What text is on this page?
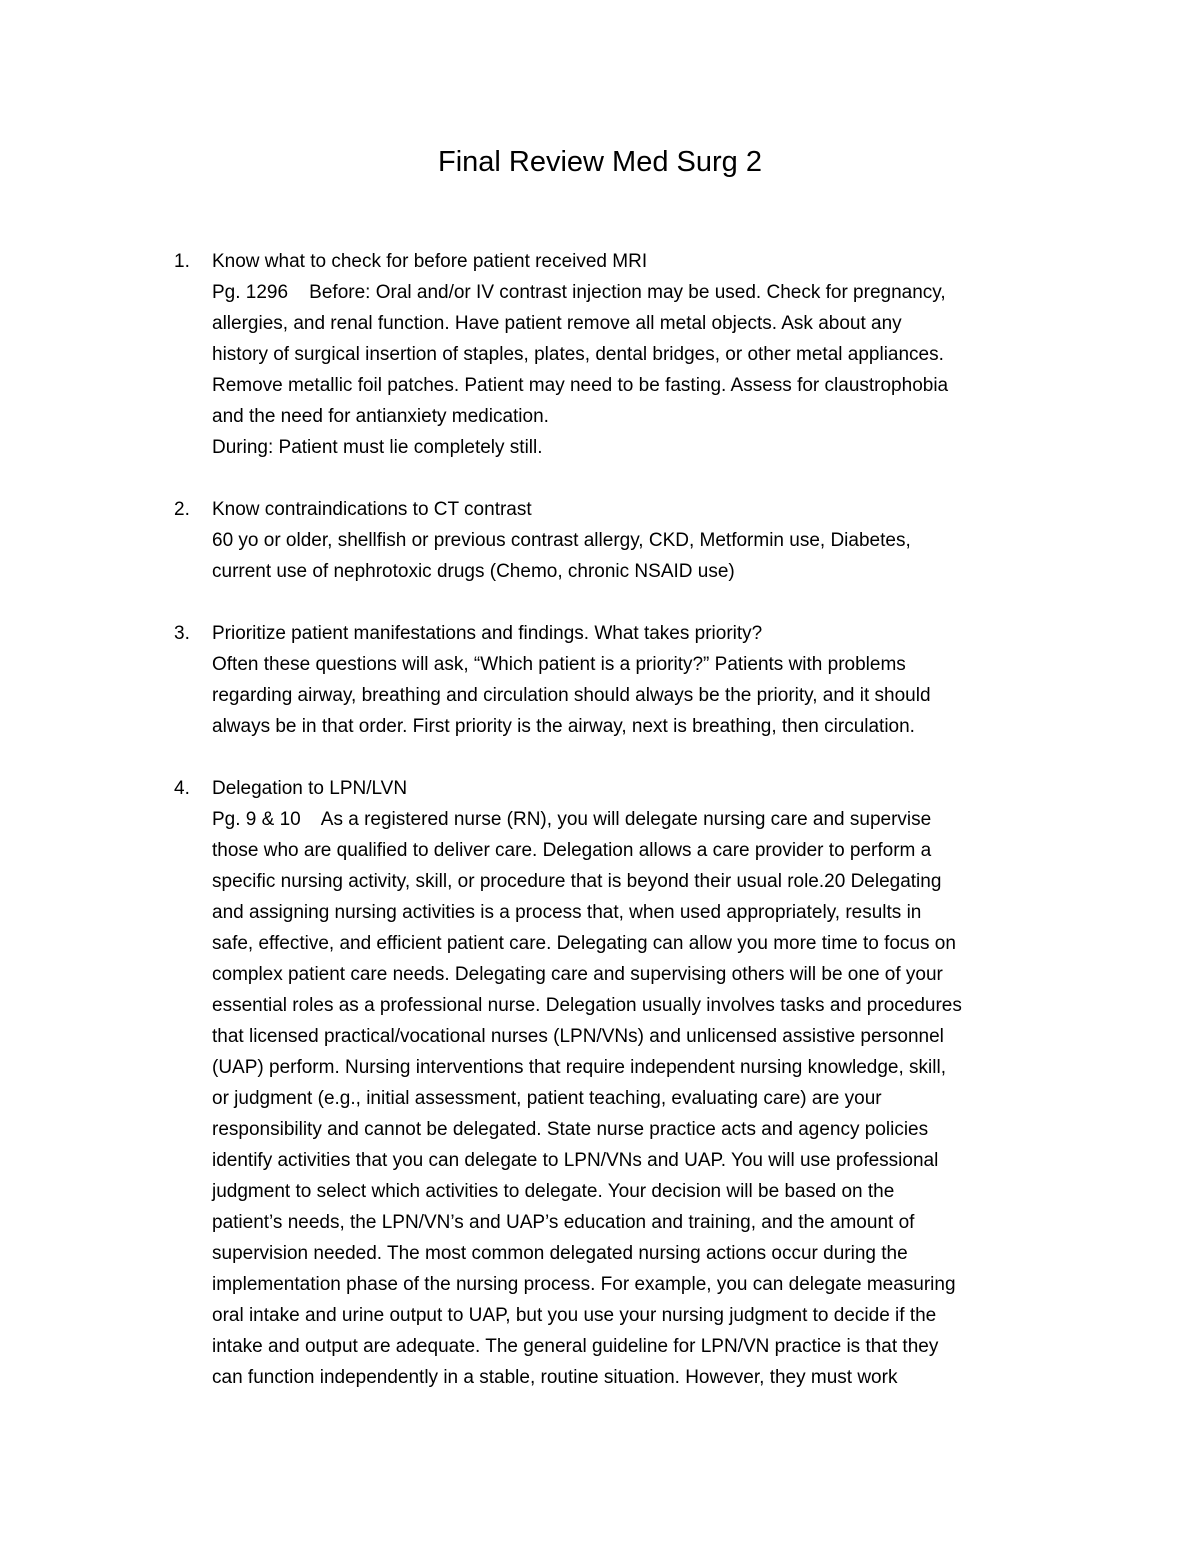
Final Review Med Surg 2
1.	Know what to check for before patient received MRI
Pg. 1296    Before: Oral and/or IV contrast injection may be used. Check for pregnancy,
allergies, and renal function. Have patient remove all metal objects. Ask about any
history of surgical insertion of staples, plates, dental bridges, or other metal appliances.
Remove metallic foil patches. Patient may need to be fasting. Assess for claustrophobia
and the need for antianxiety medication.
During: Patient must lie completely still.
2.	Know contraindications to CT contrast
60 yo or older, shellfish or previous contrast allergy, CKD, Metformin use, Diabetes,
current use of nephrotoxic drugs (Chemo, chronic NSAID use)
3.	Prioritize patient manifestations and findings. What takes priority?
Often these questions will ask, “Which patient is a priority?” Patients with problems
regarding airway, breathing and circulation should always be the priority, and it should
always be in that order. First priority is the airway, next is breathing, then circulation.
4.	Delegation to LPN/LVN
Pg. 9 & 10    As a registered nurse (RN), you will delegate nursing care and supervise
those who are qualified to deliver care. Delegation allows a care provider to perform a
specific nursing activity, skill, or procedure that is beyond their usual role.20 Delegating
and assigning nursing activities is a process that, when used appropriately, results in
safe, effective, and efficient patient care. Delegating can allow you more time to focus on
complex patient care needs. Delegating care and supervising others will be one of your
essential roles as a professional nurse. Delegation usually involves tasks and procedures
that licensed practical/vocational nurses (LPN/VNs) and unlicensed assistive personnel
(UAP) perform. Nursing interventions that require independent nursing knowledge, skill,
or judgment (e.g., initial assessment, patient teaching, evaluating care) are your
responsibility and cannot be delegated. State nurse practice acts and agency policies
identify activities that you can delegate to LPN/VNs and UAP. You will use professional
judgment to select which activities to delegate. Your decision will be based on the
patient’s needs, the LPN/VN’s and UAP’s education and training, and the amount of
supervision needed. The most common delegated nursing actions occur during the
implementation phase of the nursing process. For example, you can delegate measuring
oral intake and urine output to UAP, but you use your nursing judgment to decide if the
intake and output are adequate. The general guideline for LPN/VN practice is that they
can function independently in a stable, routine situation. However, they must work
